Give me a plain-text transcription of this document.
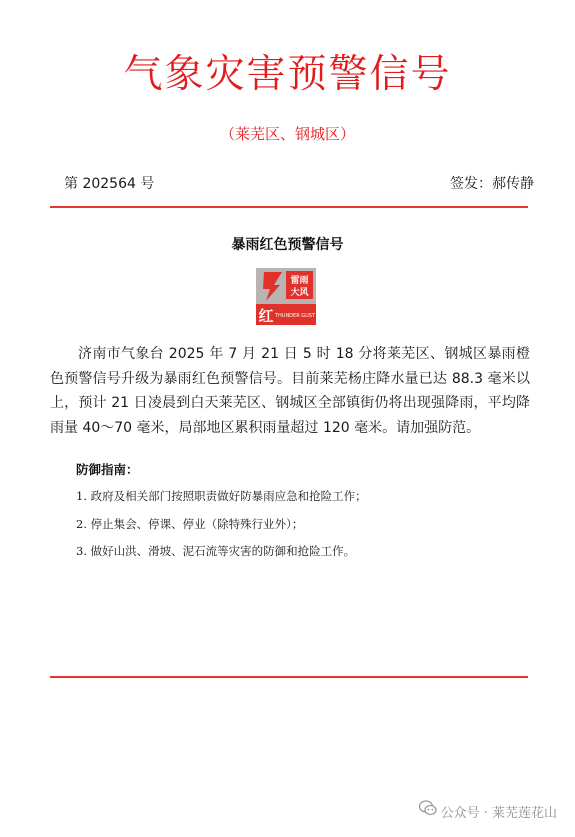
气象灾害预警信号
（莱芜区、钢城区）
第 202564 号	签发：郝传静
暴雨红色预警信号
雷雨
大风
红 THUNDER GUST

济南市气象台 2025 年 7 月 21 日 5 时 18 分将莱芜区、钢城区暴雨橙色预警信号升级为暴雨红色预警信号。目前莱芜杨庄降水量已达 88.3 毫米以上，预计 21 日凌晨到白天莱芜区、钢城区全部镇街仍将出现强降雨，平均降雨量 40～70 毫米，局部地区累积雨量超过 120 毫米。请加强防范。

防御指南：
1. 政府及相关部门按照职责做好防暴雨应急和抢险工作；
2. 停止集会、停课、停业（除特殊行业外）；
3. 做好山洪、滑坡、泥石流等灾害的防御和抢险工作。
公众号 · 莱芜莲花山
